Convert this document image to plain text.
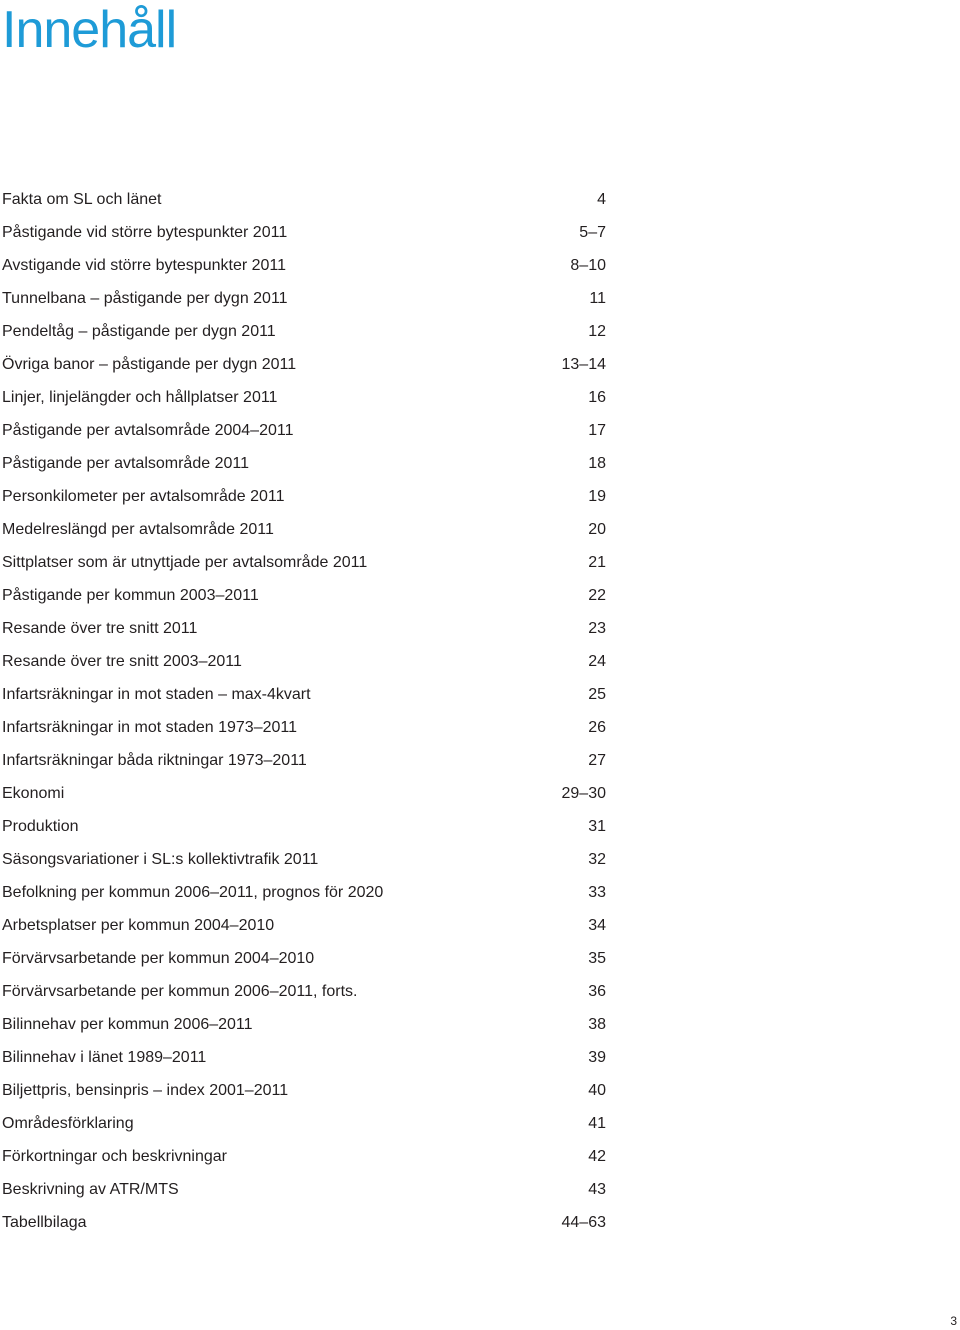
Innehåll
Fakta om SL och länet	4
Påstigande vid större bytespunkter 2011	5–7
Avstigande vid större bytespunkter 2011	8–10
Tunnelbana – påstigande per dygn 2011	11
Pendeltåg – påstigande per dygn 2011	12
Övriga banor – påstigande per dygn 2011	13–14
Linjer, linjelängder och hållplatser 2011	16
Påstigande per avtalsområde 2004–2011	17
Påstigande per avtalsområde 2011	18
Personkilometer per avtalsområde 2011	19
Medelreslängd per avtalsområde 2011	20
Sittplatser som är utnyttjade per avtalsområde 2011	21
Påstigande per kommun 2003–2011	22
Resande över tre snitt 2011	23
Resande över tre snitt 2003–2011	24
Infartsräkningar in mot staden – max-4kvart	25
Infartsräkningar in mot staden 1973–2011	26
Infartsräkningar båda riktningar 1973–2011	27
Ekonomi	29–30
Produktion	31
Säsongsvariationer i SL:s kollektivtrafik 2011	32
Befolkning per kommun 2006–2011, prognos för 2020	33
Arbetsplatser per kommun 2004–2010	34
Förvärvsarbetande per kommun 2004–2010	35
Förvärvsarbetande per kommun 2006–2011, forts.	36
Bilinnehav per kommun 2006–2011	38
Bilinnehav i länet 1989–2011	39
Biljettpris, bensinpris – index 2001–2011	40
Områdesförklaring	41
Förkortningar och beskrivningar	42
Beskrivning av ATR/MTS	43
Tabellbilaga	44–63
3
